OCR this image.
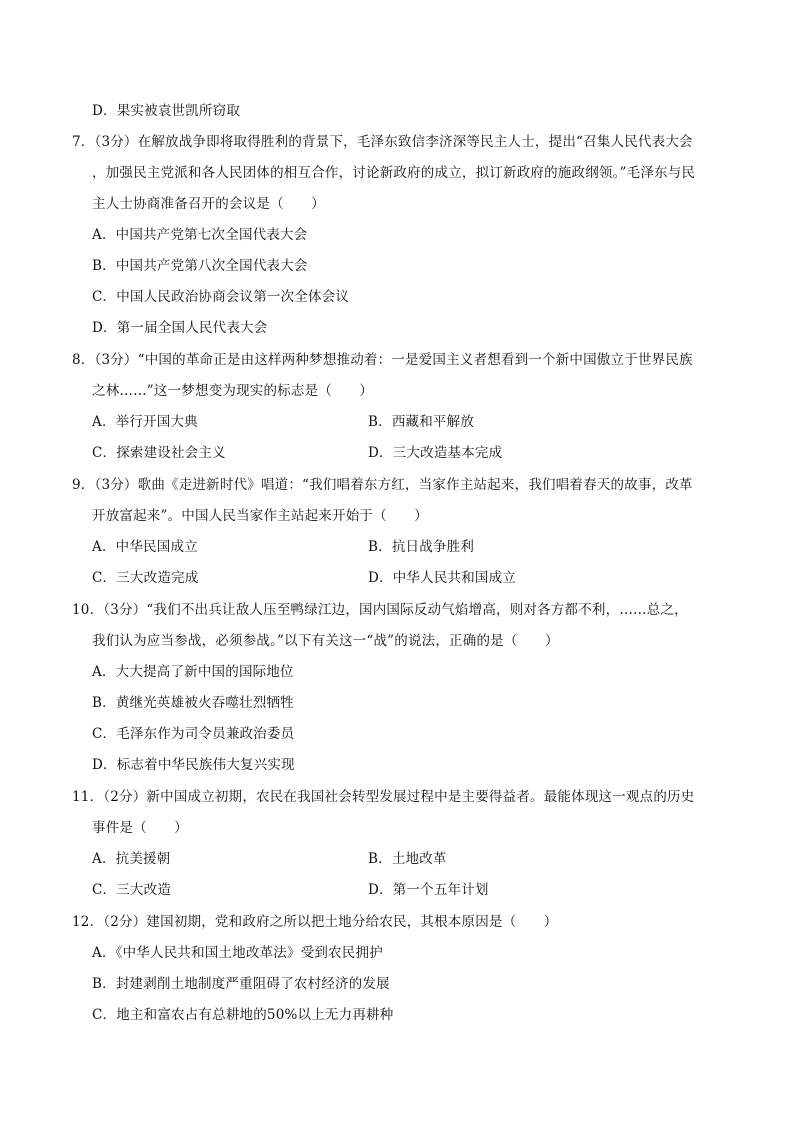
D．果实被袁世凯所窃取
7．（3分）在解放战争即将取得胜利的背景下，毛泽东致信李济深等民主人士，提出“召集人民代表大会
，加强民主党派和各人民团体的相互合作，讨论新政府的成立，拟订新政府的施政纲领。”毛泽东与民
主人士协商准备召开的会议是（　　）
A．中国共产党第七次全国代表大会
B．中国共产党第八次全国代表大会
C．中国人民政治协商会议第一次全体会议
D．第一届全国人民代表大会
8．（3分）“中国的革命正是由这样两种梦想推动着：一是爱国主义者想看到一个新中国傲立于世界民族
之林……”这一梦想变为现实的标志是（　　）
A．举行开国大典	B．西藏和平解放
C．探索建设社会主义	D．三大改造基本完成
9．（3分）歌曲《走进新时代》唱道：“我们唱着东方红，当家作主站起来，我们唱着春天的故事，改革
开放富起来”。中国人民当家作主站起来开始于（　　）
A．中华民国成立	B．抗日战争胜利
C．三大改造完成	D．中华人民共和国成立
10．（3分）“我们不出兵让敌人压至鸭绿江边，国内国际反动气焰增高，则对各方都不利，……总之，
我们认为应当参战，必须参战。”以下有关这一“战”的说法，正确的是（　　）
A．大大提高了新中国的国际地位
B．黄继光英雄被火吞噬壮烈牺牲
C．毛泽东作为司令员兼政治委员
D．标志着中华民族伟大复兴实现
11．（2分）新中国成立初期，农民在我国社会转型发展过程中是主要得益者。最能体现这一观点的历史
事件是（　　）
A．抗美援朝	B．土地改革
C．三大改造	D．第一个五年计划
12．（2分）建国初期，党和政府之所以把土地分给农民，其根本原因是（　　）
A．《中华人民共和国土地改革法》受到农民拥护
B．封建剥削土地制度严重阻碍了农村经济的发展
C．地主和富农占有总耕地的50%以上无力再耕种
